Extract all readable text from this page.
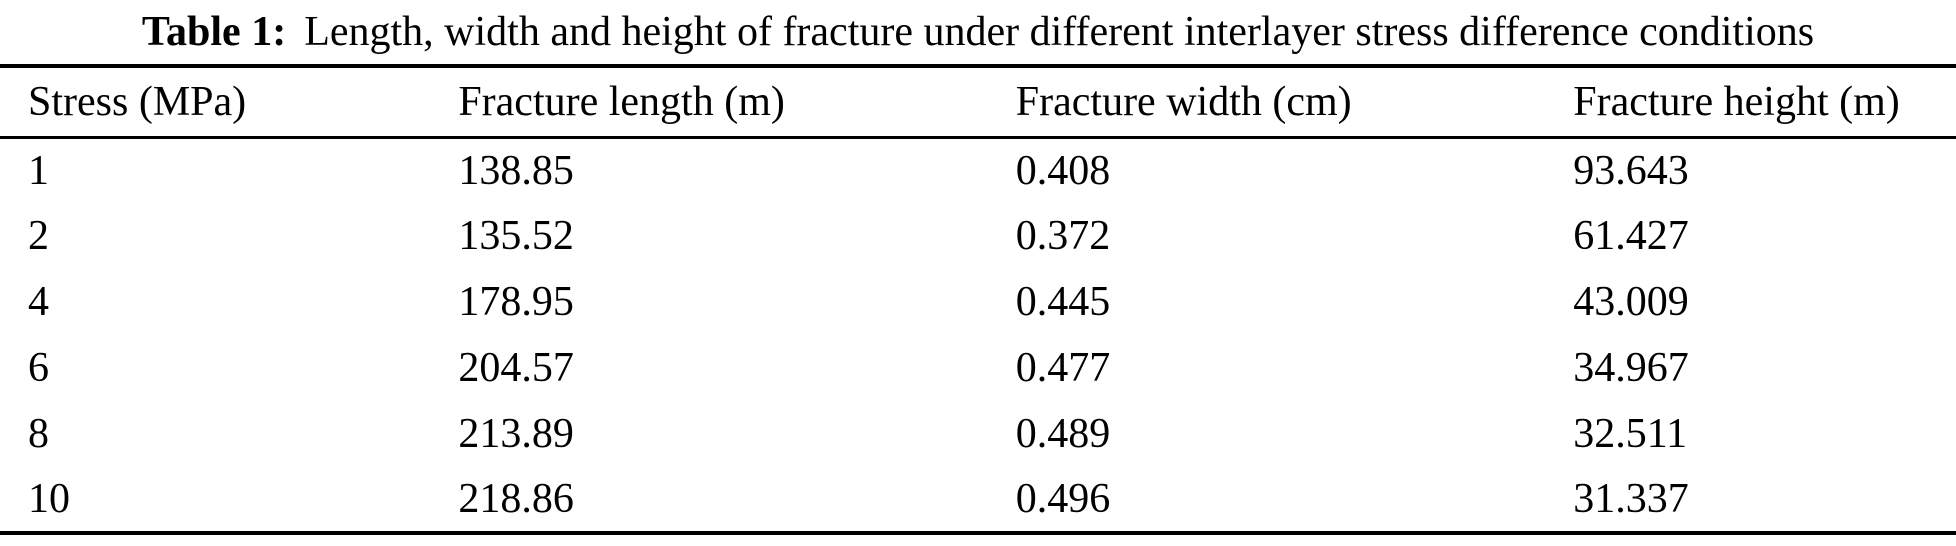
Table 1: Length, width and height of fracture under different interlayer stress difference conditions
Stress (MPa)	Fracture length (m)	Fracture width (cm)	Fracture height (m)
1	138.85	0.408	93.643
2	135.52	0.372	61.427
4	178.95	0.445	43.009
6	204.57	0.477	34.967
8	213.89	0.489	32.511
10	218.86	0.496	31.337
